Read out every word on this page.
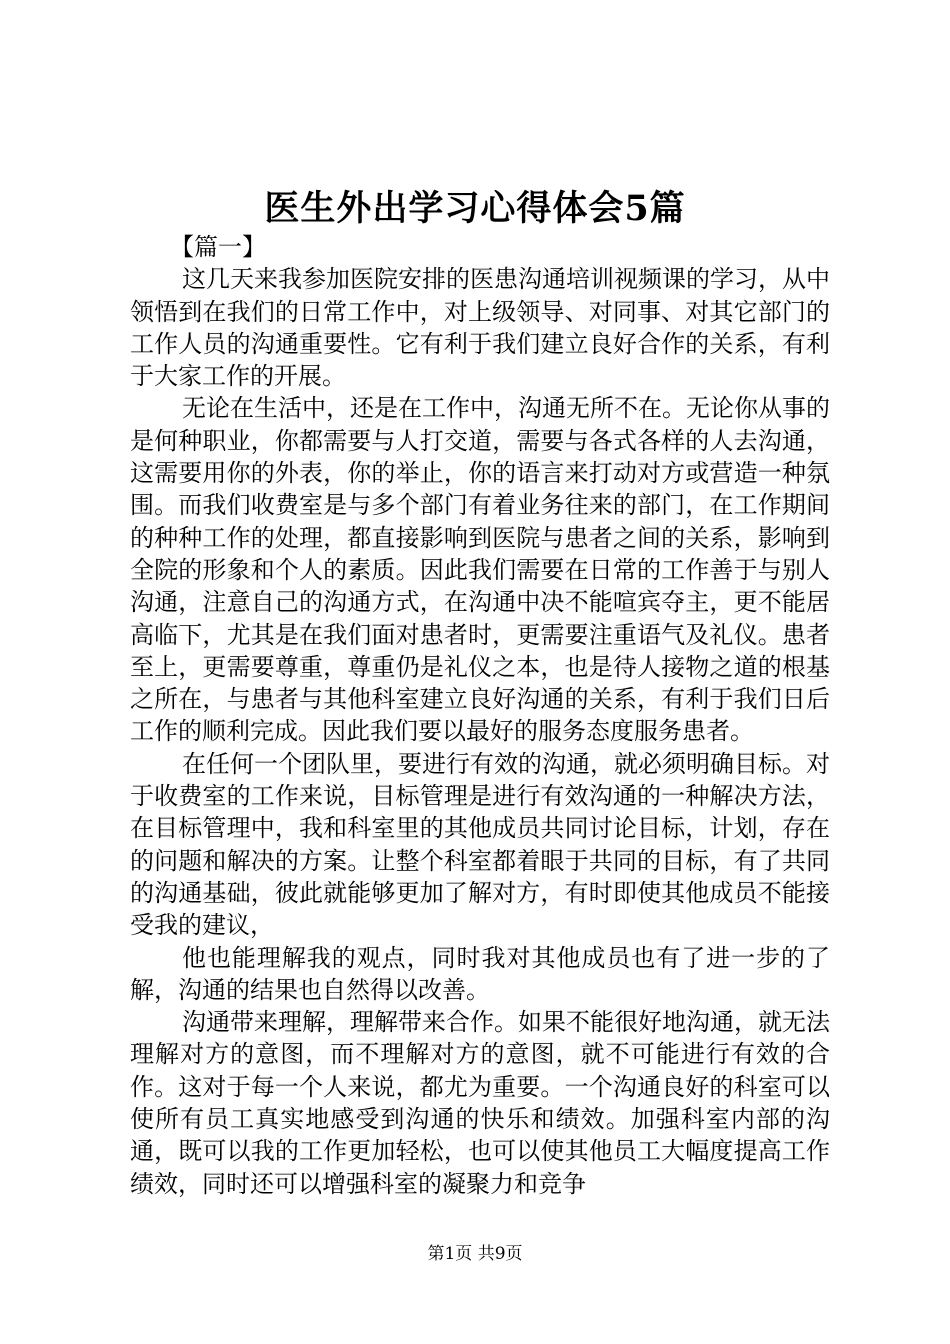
医生外出学习心得体会5篇

【篇一】

这几天来我参加医院安排的医患沟通培训视频课的学习，从中领悟到在我们的日常工作中，对上级领导、对同事、对其它部门的工作人员的沟通重要性。它有利于我们建立良好合作的关系，有利于大家工作的开展。

无论在生活中，还是在工作中，沟通无所不在。无论你从事的是何种职业，你都需要与人打交道，需要与各式各样的人去沟通，这需要用你的外表，你的举止，你的语言来打动对方或营造一种氛围。而我们收费室是与多个部门有着业务往来的部门，在工作期间的种种工作的处理，都直接影响到医院与患者之间的关系，影响到全院的形象和个人的素质。因此我们需要在日常的工作善于与别人沟通，注意自己的沟通方式，在沟通中决不能喧宾夺主，更不能居高临下，尤其是在我们面对患者时，更需要注重语气及礼仪。患者至上，更需要尊重，尊重仍是礼仪之本，也是待人接物之道的根基之所在，与患者与其他科室建立良好沟通的关系，有利于我们日后工作的顺利完成。因此我们要以最好的服务态度服务患者。

在任何一个团队里，要进行有效的沟通，就必须明确目标。对于收费室的工作来说，目标管理是进行有效沟通的一种解决方法，在目标管理中，我和科室里的其他成员共同讨论目标，计划，存在的问题和解决的方案。让整个科室都着眼于共同的目标，有了共同的沟通基础，彼此就能够更加了解对方，有时即使其他成员不能接受我的建议，

他也能理解我的观点，同时我对其他成员也有了进一步的了解，沟通的结果也自然得以改善。

沟通带来理解，理解带来合作。如果不能很好地沟通，就无法理解对方的意图，而不理解对方的意图，就不可能进行有效的合作。这对于每一个人来说，都尤为重要。一个沟通良好的科室可以使所有员工真实地感受到沟通的快乐和绩效。加强科室内部的沟通，既可以我的工作更加轻松，也可以使其他员工大幅度提高工作绩效，同时还可以增强科室的凝聚力和竞争

第1页 共9页
